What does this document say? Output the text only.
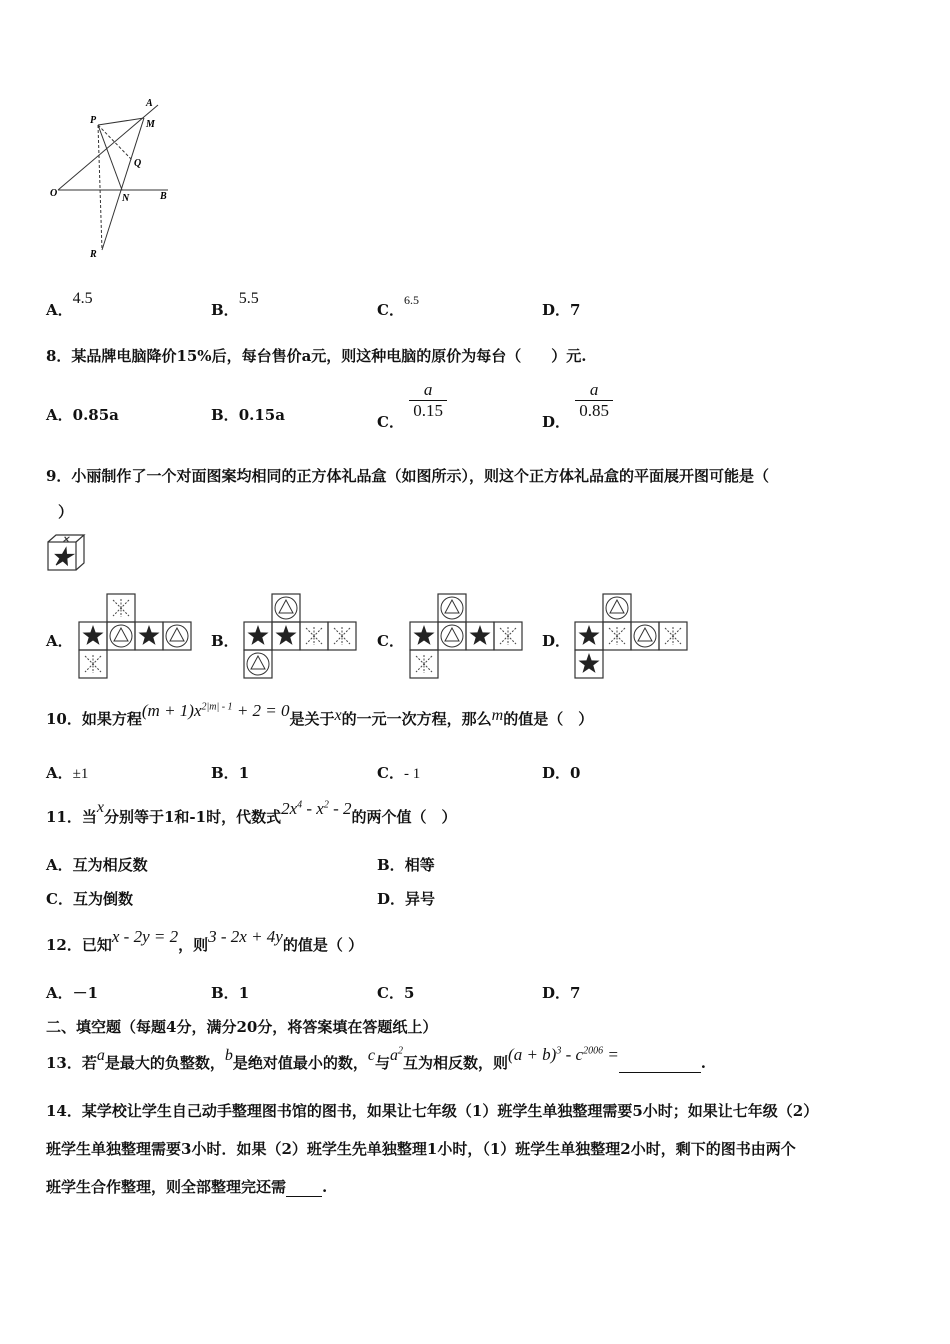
A
P	M
Q
O	N	B
R
A．4.5
B．5.5
C．$^{6.5}$
D．7
8．某品牌电脑降价15%后，每台售价a元，则这种电脑的原价为每台（　　）元.
A．0.85a	B．0.15a	C．
$\frac{a}{0.15}$
D．
$\frac{a}{0.85}$
9．小丽制作了一个对面图案均相同的正方体礼品盒（如图所示），则这个正方体礼品盒的平面展开图可能是（
）
★
⨯
A．	B．	C．	D．
10．如果方程$(m + 1)x^{2|m| - 1} + 2 = 0$是关于x的一元一次方程，那么m的值是（　）
A．±1	B．1	C．- 1	D．0
11．当x分别等于1和-1时，代数式$2x^4 - x^2 - 2$的两个值（　）
A．互为相反数	B．相等
C．互为倒数	D．异号
12．已知x - 2y = 2，则3 - 2x + 4y的值是（ ）
A．－1	B．1	C．5	D．7
二、填空题（每题4分，满分20分，将答案填在答题纸上）
13．若a是最大的负整数，b是绝对值最小的数，c与$a^2$互为相反数，则$(a + b)^3 - c^{2006}$ =	.
14．某学校让学生自己动手整理图书馆的图书，如果让七年级（1）班学生单独整理需要5小时；如果让七年级（2）
班学生单独整理需要3小时．如果（2）班学生先单独整理1小时，（1）班学生单独整理2小时，剩下的图书由两个
班学生合作整理，则全部整理完还需 .
